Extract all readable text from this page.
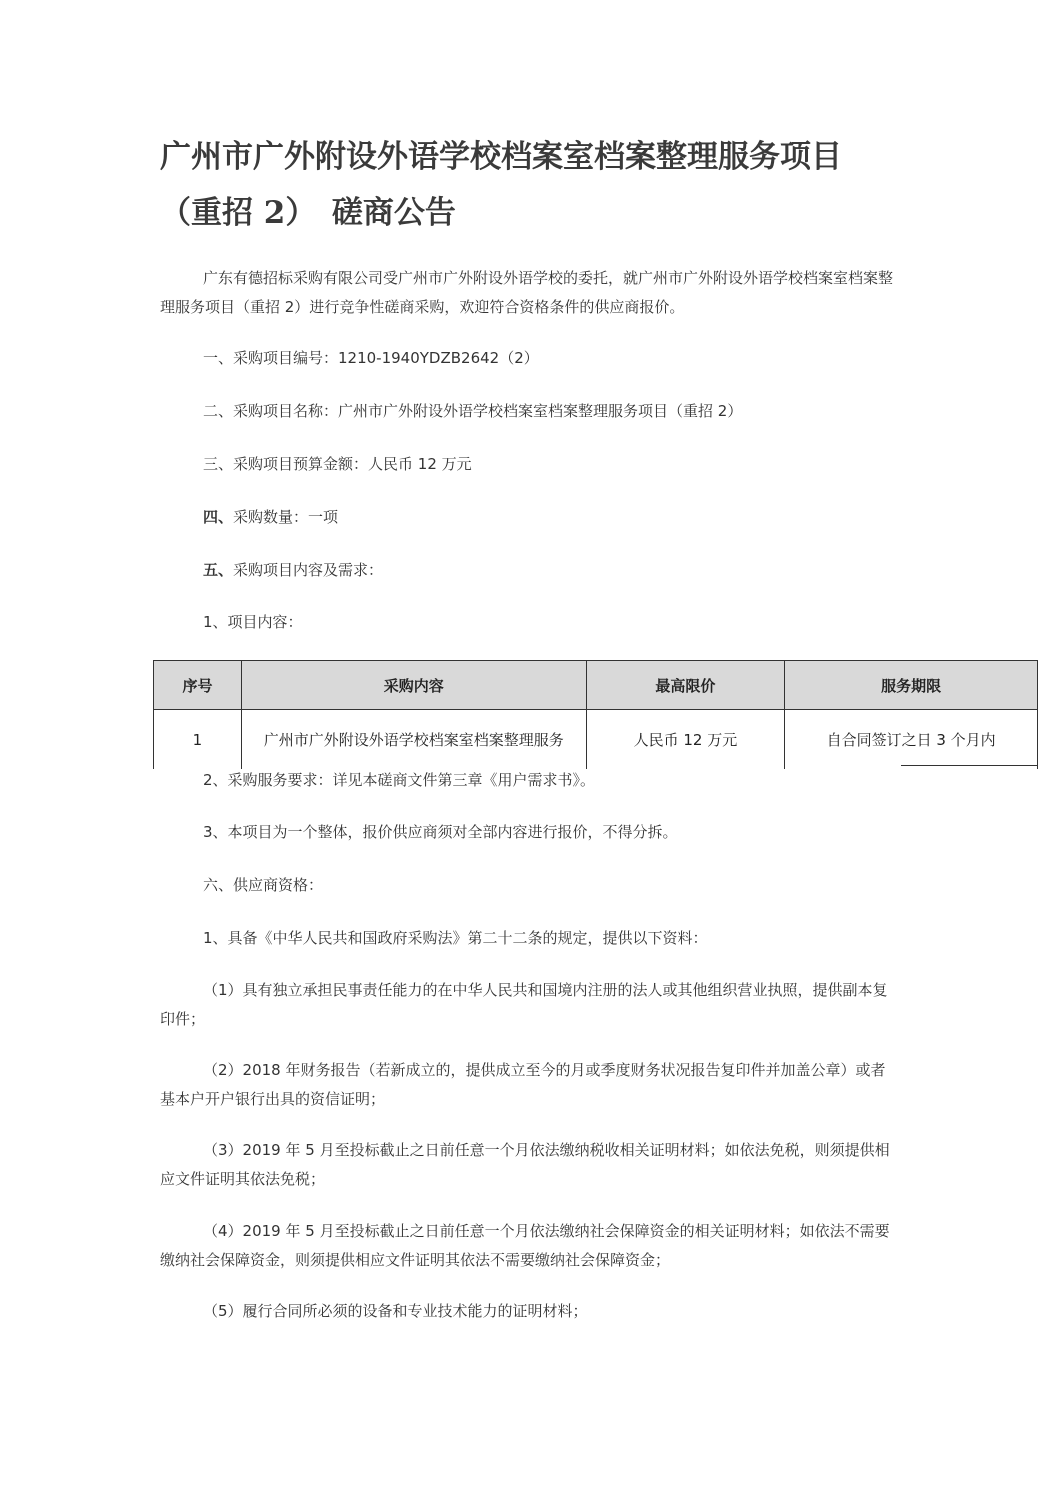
广州市广外附设外语学校档案室档案整理服务项目
（重招 2）　磋商公告

广东有德招标采购有限公司受广州市广外附设外语学校的委托，就广州市广外附设外语学校档案室档案整理服务项目（重招 2）进行竞争性磋商采购，欢迎符合资格条件的供应商报价。

一、采购项目编号：1210-1940YDZB2642（2）

二、采购项目名称：广州市广外附设外语学校档案室档案整理服务项目（重招 2）

三、采购项目预算金额：人民币 12 万元

四、采购数量：一项

五、采购项目内容及需求：

1、项目内容：

序号	采购内容	最高限价	服务期限
1	广州市广外附设外语学校档案室档案整理服务	人民币 12 万元	自合同签订之日 3 个月内

2、采购服务要求：详见本磋商文件第三章《用户需求书》。

3、本项目为一个整体，报价供应商须对全部内容进行报价，不得分拆。

六、供应商资格：

1、具备《中华人民共和国政府采购法》第二十二条的规定，提供以下资料：

（1）具有独立承担民事责任能力的在中华人民共和国境内注册的法人或其他组织营业执照，提供副本复印件；

（2）2018 年财务报告（若新成立的，提供成立至今的月或季度财务状况报告复印件并加盖公章）或者基本户开户银行出具的资信证明；

（3）2019 年 5 月至投标截止之日前任意一个月依法缴纳税收相关证明材料；如依法免税，则须提供相应文件证明其依法免税；

（4）2019 年 5 月至投标截止之日前任意一个月依法缴纳社会保障资金的相关证明材料；如依法不需要缴纳社会保障资金，则须提供相应文件证明其依法不需要缴纳社会保障资金；

（5）履行合同所必须的设备和专业技术能力的证明材料；
